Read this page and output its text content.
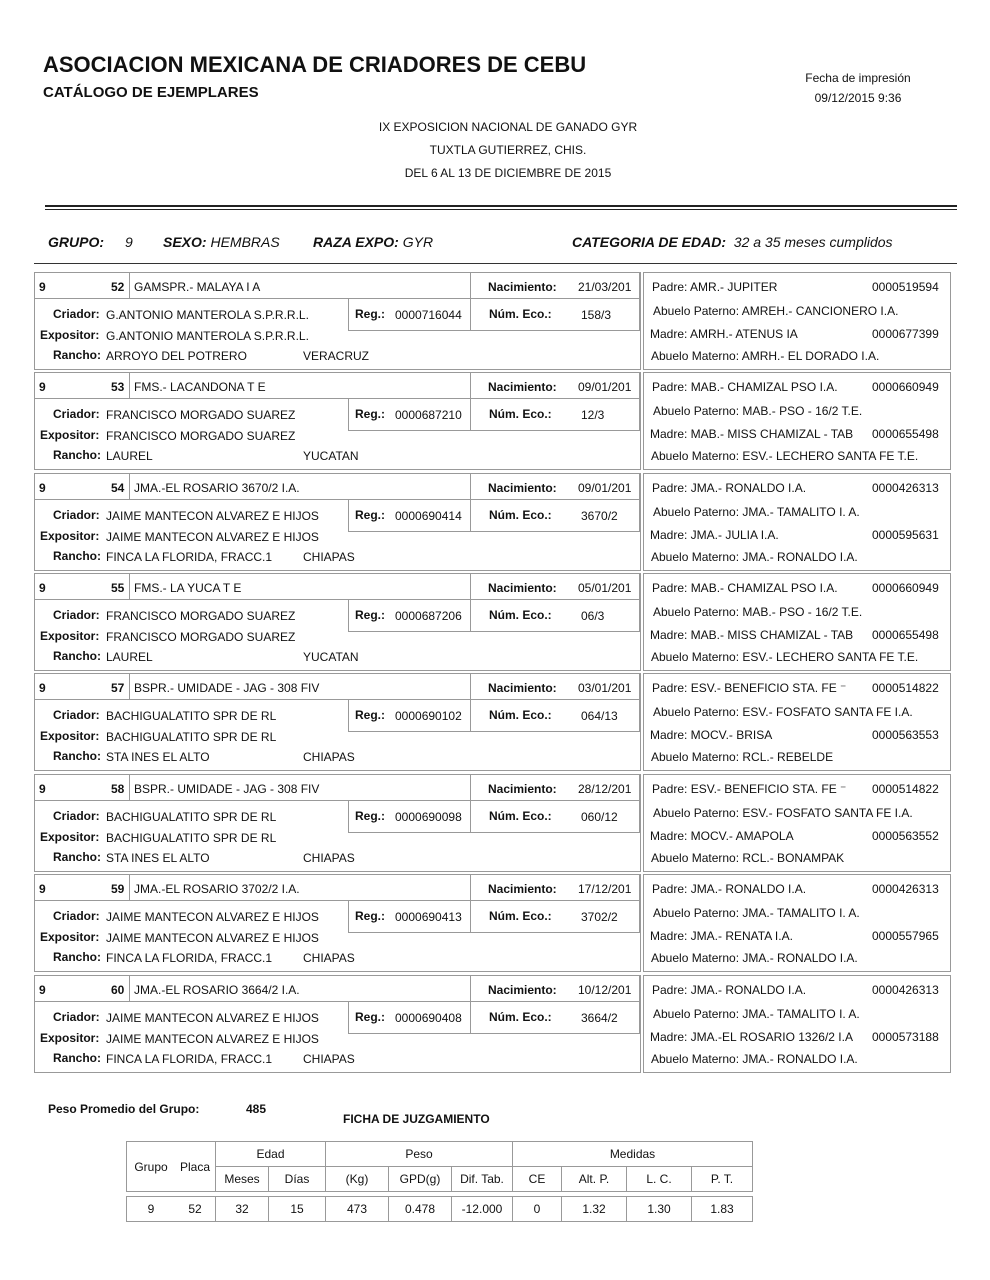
ASOCIACION MEXICANA DE CRIADORES DE CEBU
CATÁLOGO DE EJEMPLARES
Fecha de impresión
09/12/2015 9:36
IX EXPOSICION NACIONAL DE GANADO GYR
TUXTLA GUTIERREZ, CHIS.
DEL 6 AL 13 DE DICIEMBRE DE 2015
GRUPO: 9 SEXO: HEMBRAS RAZA EXPO: GYR	CATEGORIA DE EDAD: 32 a 35 meses cumplidos
9	52 GAMSPR.- MALAYA I A	Nacimiento: 21/03/201
Criador: G.ANTONIO MANTEROLA S.P.R.R.L.	Reg.: 0000716044 Núm. Eco.: 158/3
Expositor: G.ANTONIO MANTEROLA S.P.R.R.L.
Rancho: ARROYO DEL POTRERO	VERACRUZ
Padre: AMR.- JUPITER	0000519594
Abuelo Paterno: AMREH.- CANCIONERO I.A.
Madre: AMRH.- ATENUS IA	0000677399
Abuelo Materno: AMRH.- EL DORADO I.A.
9	53 FMS.- LACANDONA T E	Nacimiento: 09/01/201
Criador: FRANCISCO MORGADO SUAREZ	Reg.: 0000687210 Núm. Eco.: 12/3
Expositor: FRANCISCO MORGADO SUAREZ
Rancho: LAUREL	YUCATAN
Padre: MAB.- CHAMIZAL PSO I.A.	0000660949
Abuelo Paterno: MAB.- PSO - 16/2 T.E.
Madre: MAB.- MISS CHAMIZAL - TAB 0000655498
Abuelo Materno: ESV.- LECHERO SANTA FE T.E.
9	54 JMA.-EL ROSARIO 3670/2 I.A.	Nacimiento: 09/01/201
Criador: JAIME MANTECON ALVAREZ E HIJOS	Reg.: 0000690414 Núm. Eco.: 3670/2
Expositor: JAIME MANTECON ALVAREZ E HIJOS
Rancho: FINCA LA FLORIDA, FRACC.1	CHIAPAS
Padre: JMA.- RONALDO I.A.	0000426313
Abuelo Paterno: JMA.- TAMALITO I. A.
Madre: JMA.- JULIA I.A.	0000595631
Abuelo Materno: JMA.- RONALDO I.A.
9	55 FMS.- LA YUCA T E	Nacimiento: 05/01/201
Criador: FRANCISCO MORGADO SUAREZ	Reg.: 0000687206 Núm. Eco.: 06/3
Expositor: FRANCISCO MORGADO SUAREZ
Rancho: LAUREL	YUCATAN
Padre: MAB.- CHAMIZAL PSO I.A.	0000660949
Abuelo Paterno: MAB.- PSO - 16/2 T.E.
Madre: MAB.- MISS CHAMIZAL - TAB 0000655498
Abuelo Materno: ESV.- LECHERO SANTA FE T.E.
9	57 BSPR.- UMIDADE - JAG - 308 FIV	Nacimiento: 03/01/201
Criador: BACHIGUALATITO SPR DE RL	Reg.: 0000690102 Núm. Eco.: 064/13
Expositor: BACHIGUALATITO SPR DE RL
Rancho: STA INES EL ALTO	CHIAPAS
Padre: ESV.- BENEFICIO STA. FE ⁻ 0000514822
Abuelo Paterno: ESV.- FOSFATO SANTA FE I.A.
Madre: MOCV.- BRISA	0000563553
Abuelo Materno: RCL.- REBELDE
9	58 BSPR.- UMIDADE - JAG - 308 FIV	Nacimiento: 28/12/201
Criador: BACHIGUALATITO SPR DE RL	Reg.: 0000690098 Núm. Eco.: 060/12
Expositor: BACHIGUALATITO SPR DE RL
Rancho: STA INES EL ALTO	CHIAPAS
Padre: ESV.- BENEFICIO STA. FE ⁻ 0000514822
Abuelo Paterno: ESV.- FOSFATO SANTA FE I.A.
Madre: MOCV.- AMAPOLA	0000563552
Abuelo Materno: RCL.- BONAMPAK
9	59 JMA.-EL ROSARIO 3702/2 I.A.	Nacimiento: 17/12/201
Criador: JAIME MANTECON ALVAREZ E HIJOS	Reg.: 0000690413 Núm. Eco.: 3702/2
Expositor: JAIME MANTECON ALVAREZ E HIJOS
Rancho: FINCA LA FLORIDA, FRACC.1	CHIAPAS
Padre: JMA.- RONALDO I.A.	0000426313
Abuelo Paterno: JMA.- TAMALITO I. A.
Madre: JMA.- RENATA I.A.	0000557965
Abuelo Materno: JMA.- RONALDO I.A.
9	60 JMA.-EL ROSARIO 3664/2 I.A.	Nacimiento: 10/12/201
Criador: JAIME MANTECON ALVAREZ E HIJOS	Reg.: 0000690408 Núm. Eco.: 3664/2
Expositor: JAIME MANTECON ALVAREZ E HIJOS
Rancho: FINCA LA FLORIDA, FRACC.1	CHIAPAS
Padre: JMA.- RONALDO I.A.	0000426313
Abuelo Paterno: JMA.- TAMALITO I. A.
Madre: JMA.-EL ROSARIO 1326/2 I.A 0000573188
Abuelo Materno: JMA.- RONALDO I.A.
Peso Promedio del Grupo:	485
FICHA DE JUZGAMIENTO
Grupo	Placa	Edad		Peso			Medidas			
		Meses	Días	(Kg)	GPD(g)	Dif. Tab.	CE	Alt. P.	L. C.	P. T.

9	52	32	15	473	0.478	-12.000	0	1.32	1.30	1.83
